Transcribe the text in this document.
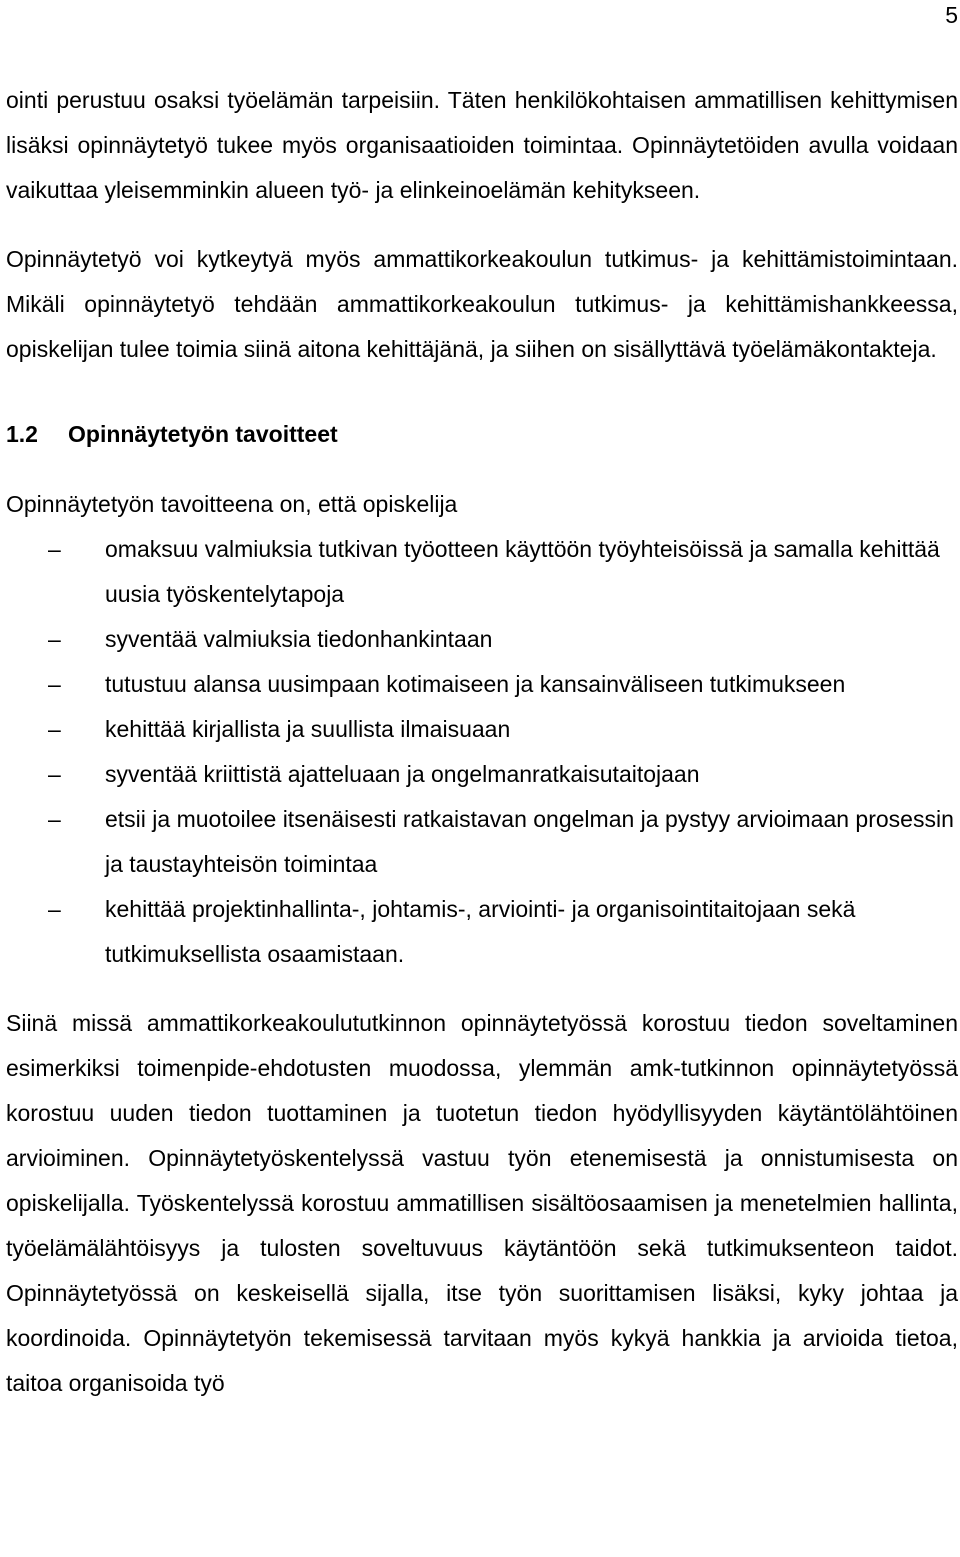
5

ointi perustuu osaksi työelämän tarpeisiin. Täten henkilökohtaisen ammatillisen kehittymisen lisäksi opinnäytetyö tukee myös organisaatioiden toimintaa. Opinnäytetöiden avulla voidaan vaikuttaa yleisemminkin alueen työ- ja elinkeinoelämän kehitykseen.

Opinnäytetyö voi kytkeytyä myös ammattikorkeakoulun tutkimus- ja kehittämistoimintaan. Mikäli opinnäytetyö tehdään ammattikorkeakoulun tutkimus- ja kehittämishankkeessa, opiskelijan tulee toimia siinä aitona kehittäjänä, ja siihen on sisällyttävä työelämäkontakteja.

1.2	Opinnäytetyön tavoitteet

Opinnäytetyön tavoitteena on, että opiskelija

– omaksuu valmiuksia tutkivan työotteen käyttöön työyhteisöissä ja samalla kehittää uusia työskentelytapoja
– syventää valmiuksia tiedonhankintaan
– tutustuu alansa uusimpaan kotimaiseen ja kansainväliseen tutkimukseen
– kehittää kirjallista ja suullista ilmaisuaan
– syventää kriittistä ajatteluaan ja ongelmanratkaisutaitojaan
– etsii ja muotoilee itsenäisesti ratkaistavan ongelman ja pystyy arvioimaan prosessin ja taustayhteisön toimintaa
– kehittää projektinhallinta-, johtamis-, arviointi- ja organisointitaitojaan sekä tutkimuksellista osaamistaan.

Siinä missä ammattikorkeakoulututkinnon opinnäytetyössä korostuu tiedon soveltaminen esimerkiksi toimenpide-ehdotusten muodossa, ylemmän amk-tutkinnon opinnäytetyössä korostuu uuden tiedon tuottaminen ja tuotetun tiedon hyödyllisyyden käytäntölähtöinen arvioiminen. Opinnäytetyöskentelyssä vastuu työn etenemisestä ja onnistumisesta on opiskelijalla. Työskentelyssä korostuu ammatillisen sisältöosaamisen ja menetelmien hallinta, työelämälähtöisyys ja tulosten soveltuvuus käytäntöön sekä tutkimuksenteon taidot. Opinnäytetyössä on keskeisellä sijalla, itse työn suorittamisen lisäksi, kyky johtaa ja koordinoida. Opinnäytetyön tekemisessä tarvitaan myös kykyä hankkia ja arvioida tietoa, taitoa organisoida työ
